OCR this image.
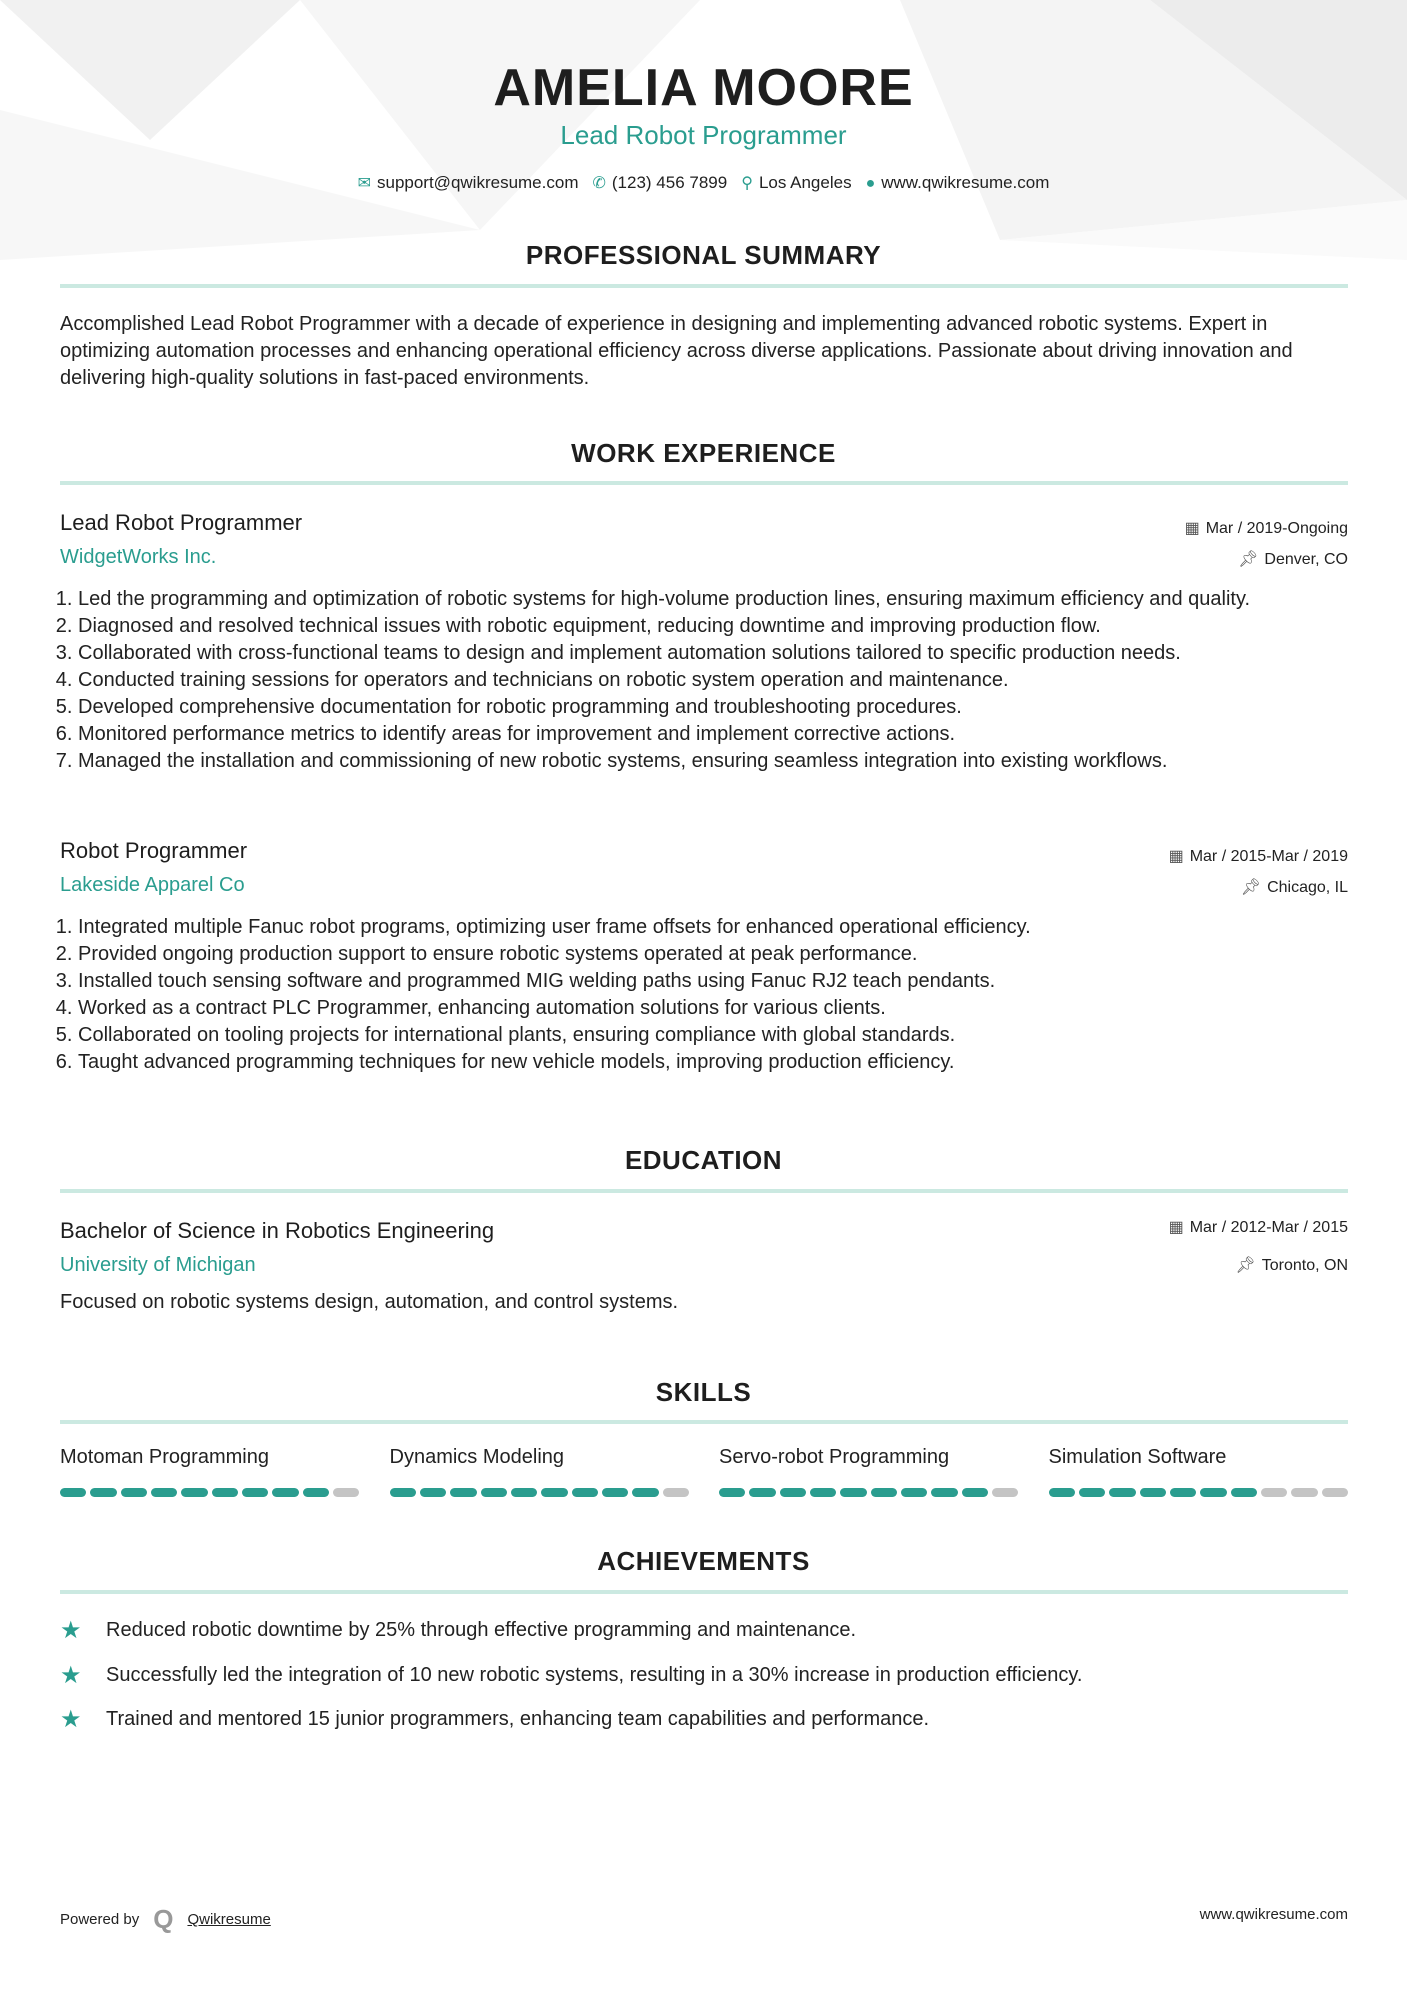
AMELIA MOORE
Lead Robot Programmer
✉ support@qwikresume.com ✆ (123) 456 7899 ⚲ Los Angeles ● www.qwikresume.com
PROFESSIONAL SUMMARY
Accomplished Lead Robot Programmer with a decade of experience in designing and implementing advanced robotic systems. Expert in optimizing automation processes and enhancing operational efficiency across diverse applications. Passionate about driving innovation and delivering high-quality solutions in fast-paced environments.
WORK EXPERIENCE
Lead Robot Programmer	▦ Mar / 2019-Ongoing
WidgetWorks Inc.	📌︎ Denver, CO
1. Led the programming and optimization of robotic systems for high-volume production lines, ensuring maximum efficiency and quality.
2. Diagnosed and resolved technical issues with robotic equipment, reducing downtime and improving production flow.
3. Collaborated with cross-functional teams to design and implement automation solutions tailored to specific production needs.
4. Conducted training sessions for operators and technicians on robotic system operation and maintenance.
5. Developed comprehensive documentation for robotic programming and troubleshooting procedures.
6. Monitored performance metrics to identify areas for improvement and implement corrective actions.
7. Managed the installation and commissioning of new robotic systems, ensuring seamless integration into existing workflows.
Robot Programmer	▦ Mar / 2015-Mar / 2019
Lakeside Apparel Co	📌︎ Chicago, IL
1. Integrated multiple Fanuc robot programs, optimizing user frame offsets for enhanced operational efficiency.
2. Provided ongoing production support to ensure robotic systems operated at peak performance.
3. Installed touch sensing software and programmed MIG welding paths using Fanuc RJ2 teach pendants.
4. Worked as a contract PLC Programmer, enhancing automation solutions for various clients.
5. Collaborated on tooling projects for international plants, ensuring compliance with global standards.
6. Taught advanced programming techniques for new vehicle models, improving production efficiency.
EDUCATION
Bachelor of Science in Robotics Engineering	▦ Mar / 2012-Mar / 2015
University of Michigan	📌︎ Toronto, ON
Focused on robotic systems design, automation, and control systems.
SKILLS
Motoman Programming	Dynamics Modeling	Servo-robot Programming	Simulation Software
ACHIEVEMENTS
★	Reduced robotic downtime by 25% through effective programming and maintenance.
★	Successfully led the integration of 10 new robotic systems, resulting in a 30% increase in production efficiency.
★	Trained and mentored 15 junior programmers, enhancing team capabilities and performance.
Powered by Q Qwikresume	www.qwikresume.com
